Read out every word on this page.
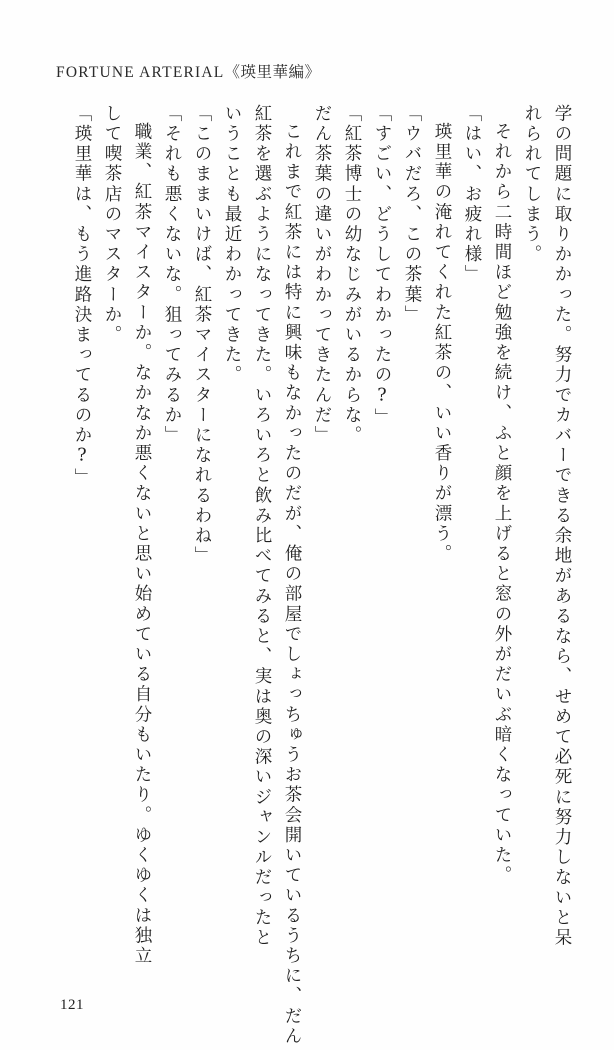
FORTUNE ARTERIAL《瑛里華編》
学の問題に取りかかった。努力でカバーできる余地があるなら、せめて必死に努力しないと呆
れられてしまう。
それから二時間ほど勉強を続け、ふと顔を上げると窓の外がだいぶ暗くなっていた。
「はい、お疲れ様」
瑛里華の淹れてくれた紅茶の、いい香りが漂う。
「ウバだろ、この茶葉」
「すごい、どうしてわかったの?」
「紅茶博士の幼なじみがいるからな。
だん茶葉の違いがわかってきたんだ」
これまで紅茶には特に興味もなかったのだが、俺の部屋でしょっちゅうお茶会開いているうちに、だん
紅茶を選ぶようになってきた。いろいろと飲み比べてみると、実は奥の深いジャンルだったと
いうことも最近わかってきた。
「このままいけば、紅茶マイスターになれるわね」
「それも悪くないな。狙ってみるか」
職業、紅茶マイスターか。なかなか悪くないと思い始めている自分もいたり。ゆくゆくは独立
して喫茶店のマスターか。
「瑛里華は、もう進路決まってるのか?」
121
